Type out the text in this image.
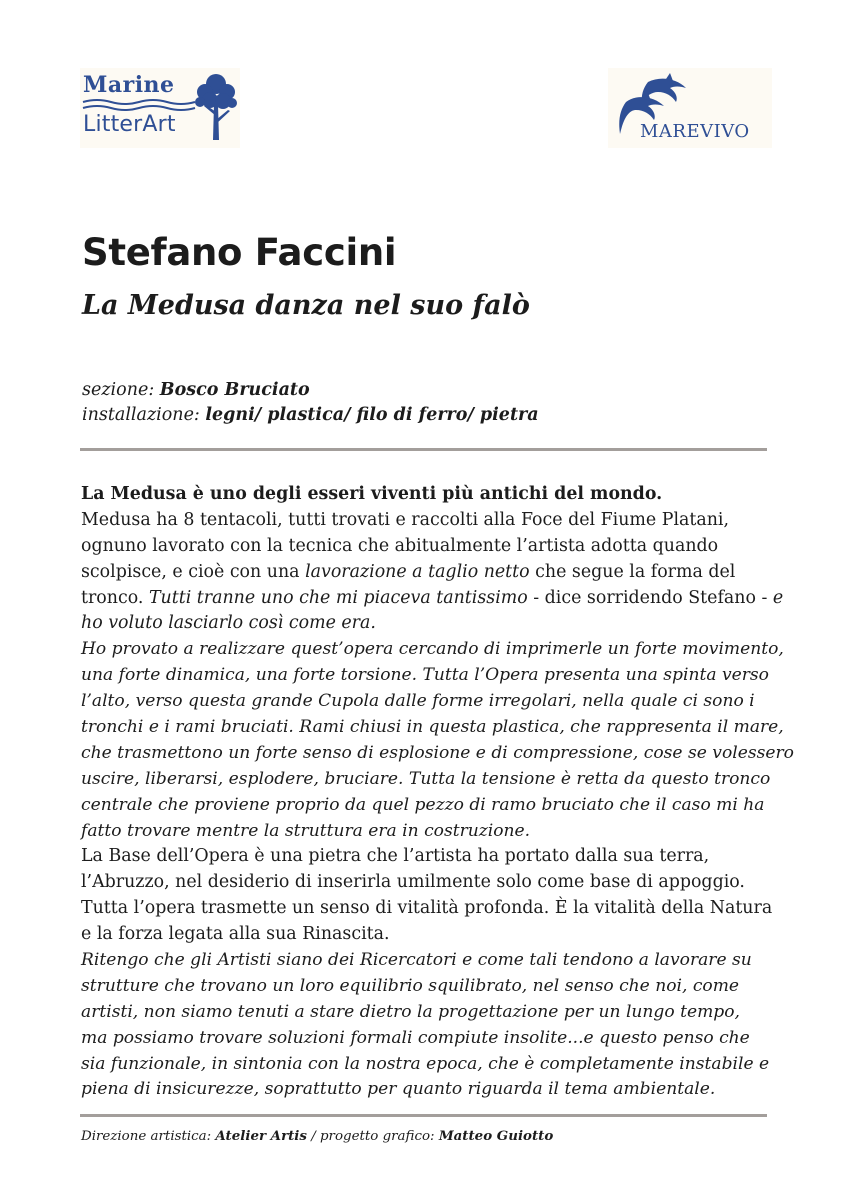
Marine
LitterArt	MAREVIVO
Stefano Faccini
La Medusa danza nel suo falò
sezione: Bosco Bruciato
installazione: legni/ plastica/ filo di ferro/ pietra
La Medusa è uno degli esseri viventi più antichi del mondo.
Medusa ha 8 tentacoli, tutti trovati e raccolti alla Foce del Fiume Platani,
ognuno lavorato con la tecnica che abitualmente l’artista adotta quando
scolpisce, e cioè con una lavorazione a taglio netto che segue la forma del
tronco. Tutti tranne uno che mi piaceva tantissimo - dice sorridendo Stefano - e
ho voluto lasciarlo così come era.
Ho provato a realizzare quest’opera cercando di imprimerle un forte movimento,
una forte dinamica, una forte torsione. Tutta l’Opera presenta una spinta verso
l’alto, verso questa grande Cupola dalle forme irregolari, nella quale ci sono i
tronchi e i rami bruciati. Rami chiusi in questa plastica, che rappresenta il mare,
che trasmettono un forte senso di esplosione e di compressione, cose se volessero
uscire, liberarsi, esplodere, bruciare. Tutta la tensione è retta da questo tronco
centrale che proviene proprio da quel pezzo di ramo bruciato che il caso mi ha
fatto trovare mentre la struttura era in costruzione.
La Base dell’Opera è una pietra che l’artista ha portato dalla sua terra,
l’Abruzzo, nel desiderio di inserirla umilmente solo come base di appoggio.
Tutta l’opera trasmette un senso di vitalità profonda. È la vitalità della Natura
e la forza legata alla sua Rinascita.
Ritengo che gli Artisti siano dei Ricercatori e come tali tendono a lavorare su
strutture che trovano un loro equilibrio squilibrato, nel senso che noi, come
artisti, non siamo tenuti a stare dietro la progettazione per un lungo tempo,
ma possiamo trovare soluzioni formali compiute insolite...e questo penso che
sia funzionale, in sintonia con la nostra epoca, che è completamente instabile e
piena di insicurezze, soprattutto per quanto riguarda il tema ambientale.
Direzione artistica: Atelier Artis / progetto grafico: Matteo Guiotto
